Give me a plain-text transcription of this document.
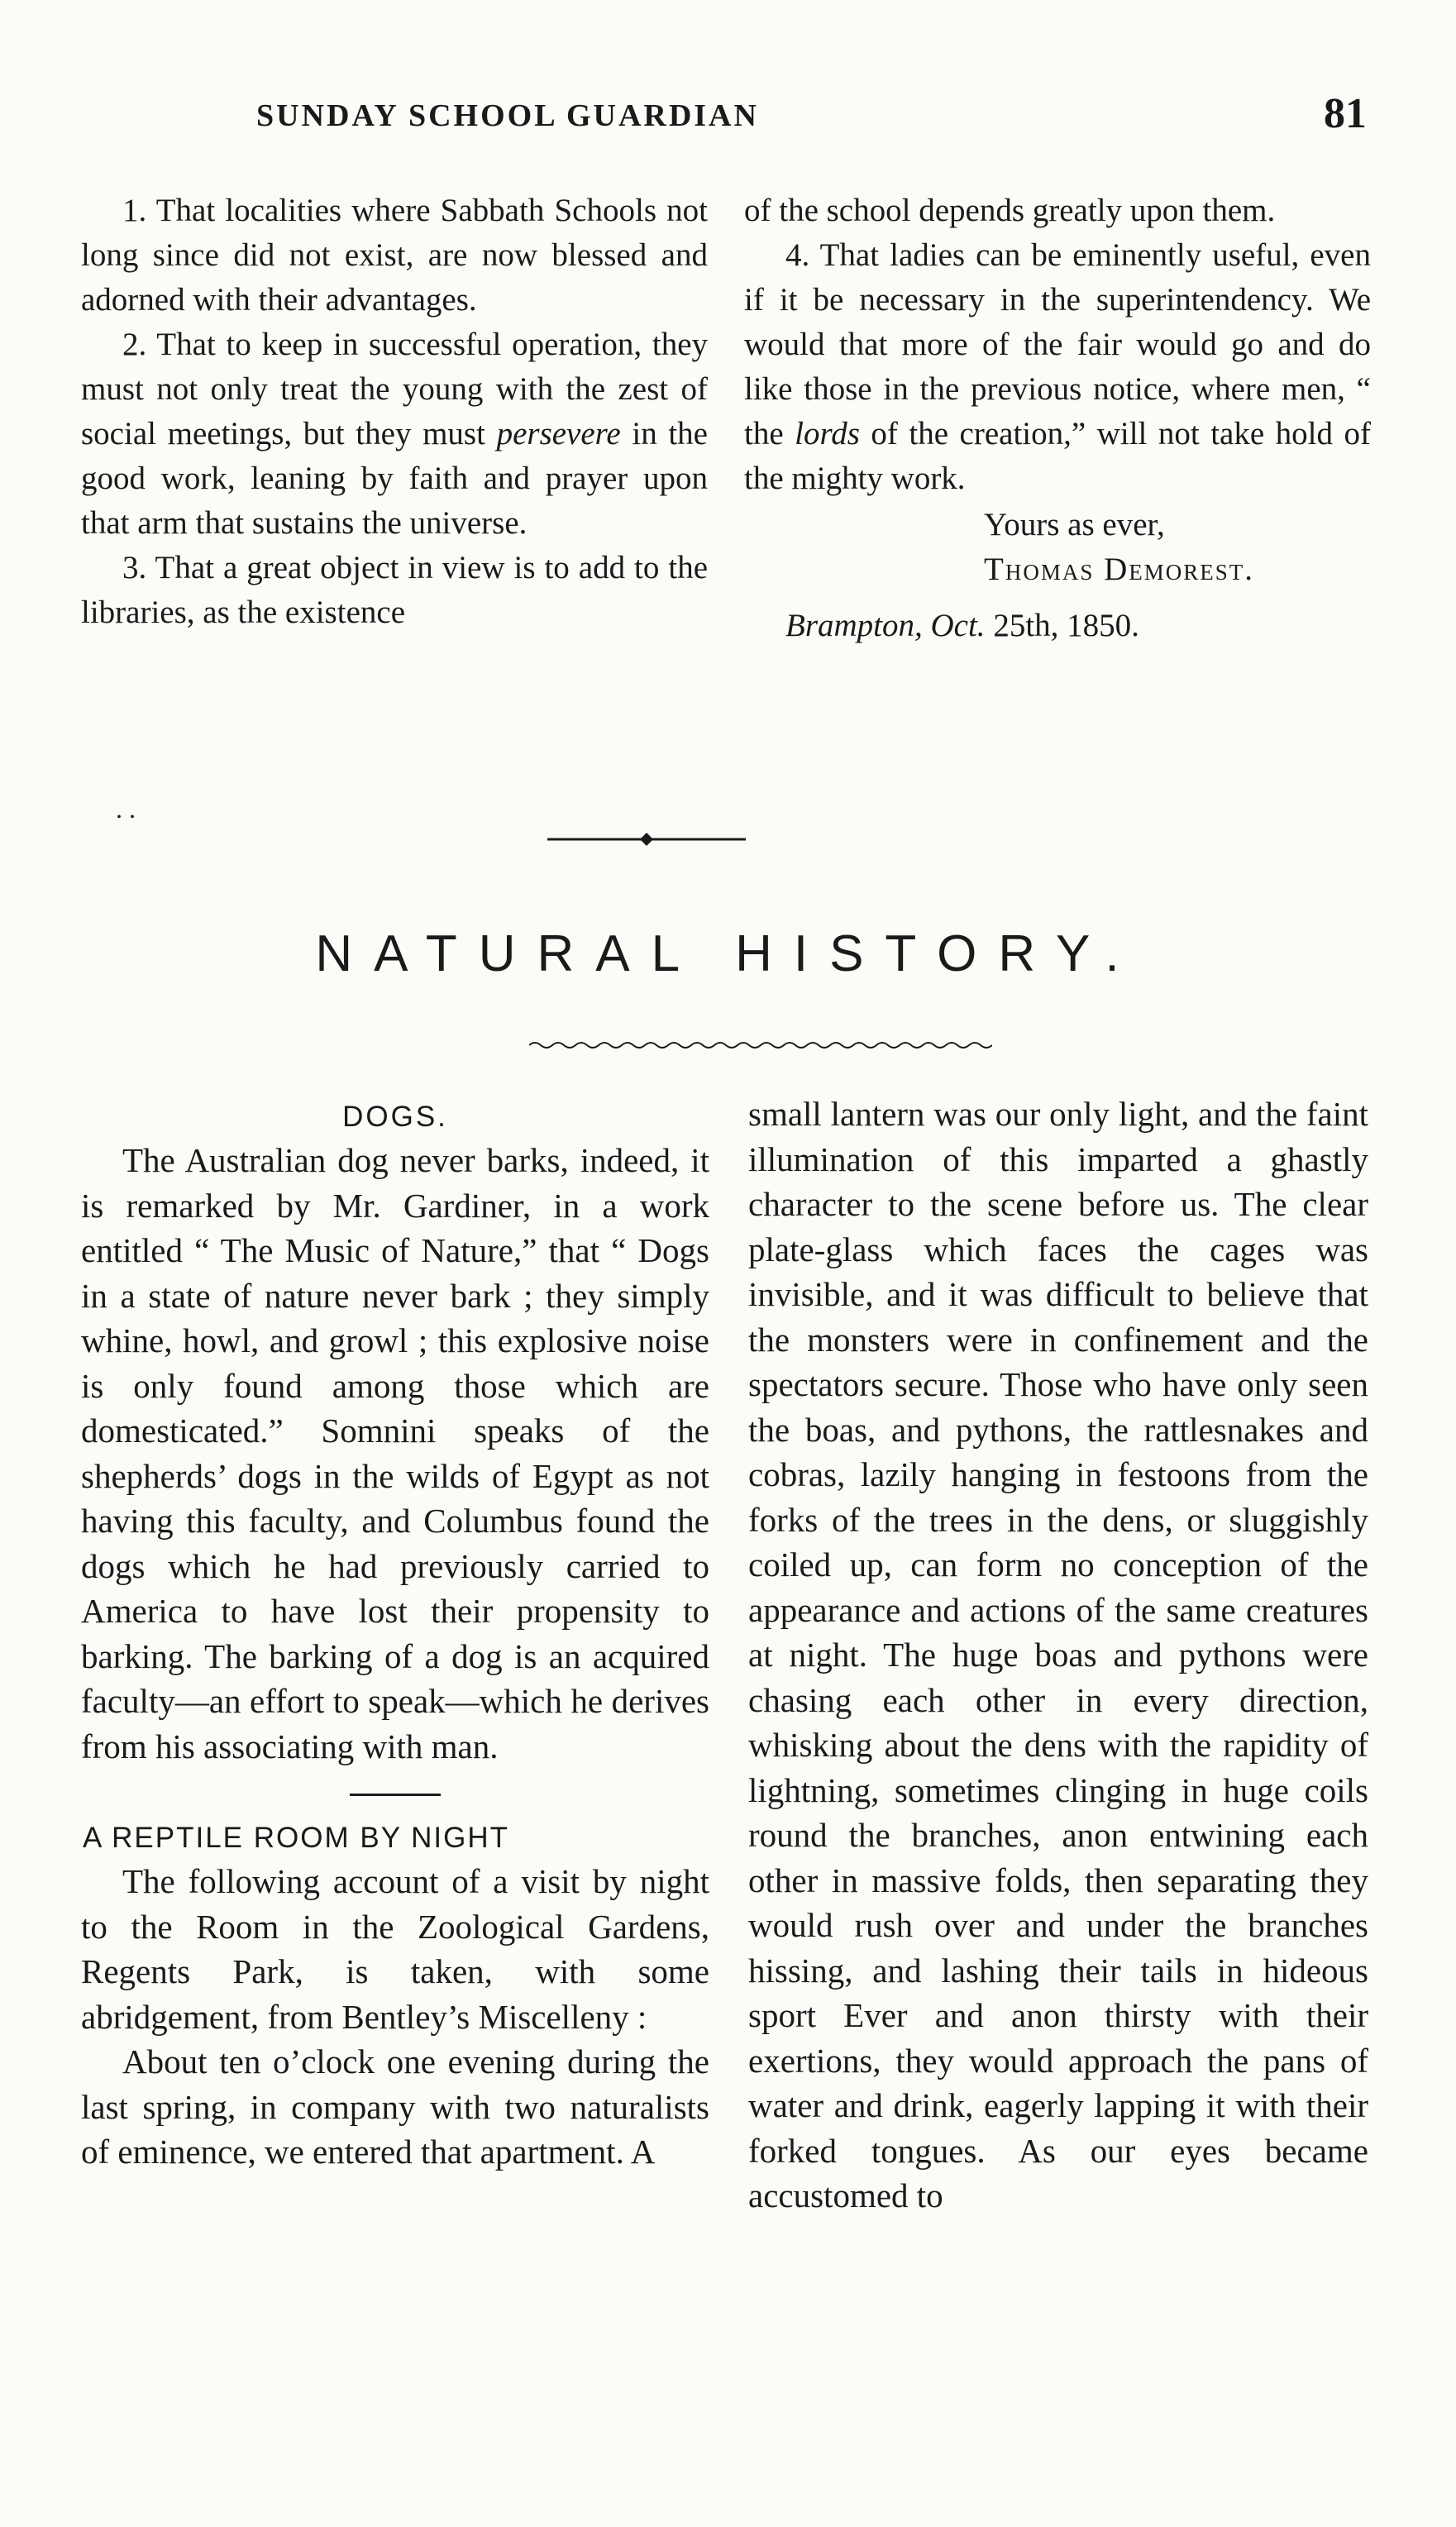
SUNDAY SCHOOL GUARDIAN	81

1. That localities where Sabbath Schools not long since did not exist, are now blessed and adorned with their advantages.

2. That to keep in successful operation, they must not only treat the young with the zest of social meetings, but they must persevere in the good work, leaning by faith and prayer upon that arm that sustains the universe.

3. That a great object in view is to add to the libraries, as the existence

of the school depends greatly upon them.

4. That ladies can be eminently useful, even if it be necessary in the superintendency. We would that more of the fair would go and do like those in the previous notice, where men, “ the lords of the creation,” will not take hold of the mighty work.

Yours as ever,
Thomas Demorest.
Brampton, Oct. 25th, 1850.
. .
NATURAL HISTORY.
DOGS.

The Australian dog never barks, indeed, it is remarked by Mr. Gardiner, in a work entitled “ The Music of Nature,” that “ Dogs in a state of nature never bark ; they simply whine, howl, and growl ; this explosive noise is only found among those which are domesticated.” Somnini speaks of the shepherds’ dogs in the wilds of Egypt as not having this faculty, and Columbus found the dogs which he had previously carried to America to have lost their propensity to barking. The barking of a dog is an acquired faculty—an effort to speak—which he derives from his associating with man.

A REPTILE ROOM BY NIGHT

The following account of a visit by night to the Room in the Zoological Gardens, Regents Park, is taken, with some abridgement, from Bentley’s Miscelleny :

About ten o’clock one evening during the last spring, in company with two naturalists of eminence, we entered that apartment. A

small lantern was our only light, and the faint illumination of this imparted a ghastly character to the scene before us. The clear plate-glass which faces the cages was invisible, and it was difficult to believe that the monsters were in confinement and the spectators secure. Those who have only seen the boas, and pythons, the rattlesnakes and cobras, lazily hanging in festoons from the forks of the trees in the dens, or sluggishly coiled up, can form no conception of the appearance and actions of the same creatures at night. The huge boas and pythons were chasing each other in every direction, whisking about the dens with the rapidity of lightning, sometimes clinging in huge coils round the branches, anon entwining each other in massive folds, then separating they would rush over and under the branches hissing, and lashing their tails in hideous sport Ever and anon thirsty with their exertions, they would approach the pans of water and drink, eagerly lapping it with their forked tongues. As our eyes became accustomed to
